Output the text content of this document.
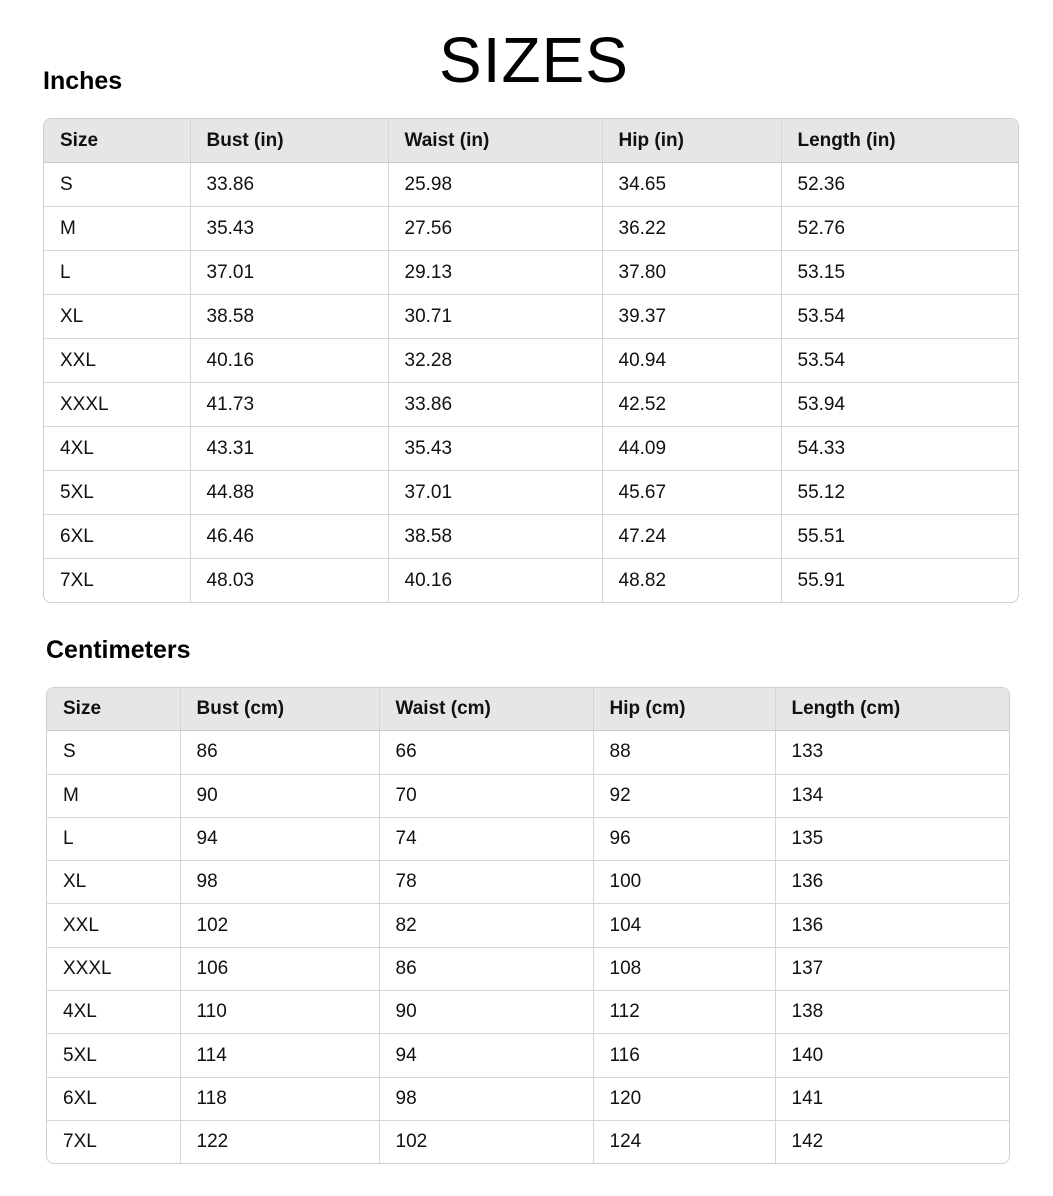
SIZES
Inches
Size	Bust (in)	Waist (in)	Hip (in)	Length (in)
S	33.86	25.98	34.65	52.36
M	35.43	27.56	36.22	52.76
L	37.01	29.13	37.80	53.15
XL	38.58	30.71	39.37	53.54
XXL	40.16	32.28	40.94	53.54
XXXL	41.73	33.86	42.52	53.94
4XL	43.31	35.43	44.09	54.33
5XL	44.88	37.01	45.67	55.12
6XL	46.46	38.58	47.24	55.51
7XL	48.03	40.16	48.82	55.91
Centimeters
Size	Bust (cm)	Waist (cm)	Hip (cm)	Length (cm)
S	86	66	88	133
M	90	70	92	134
L	94	74	96	135
XL	98	78	100	136
XXL	102	82	104	136
XXXL	106	86	108	137
4XL	110	90	112	138
5XL	114	94	116	140
6XL	118	98	120	141
7XL	122	102	124	142
